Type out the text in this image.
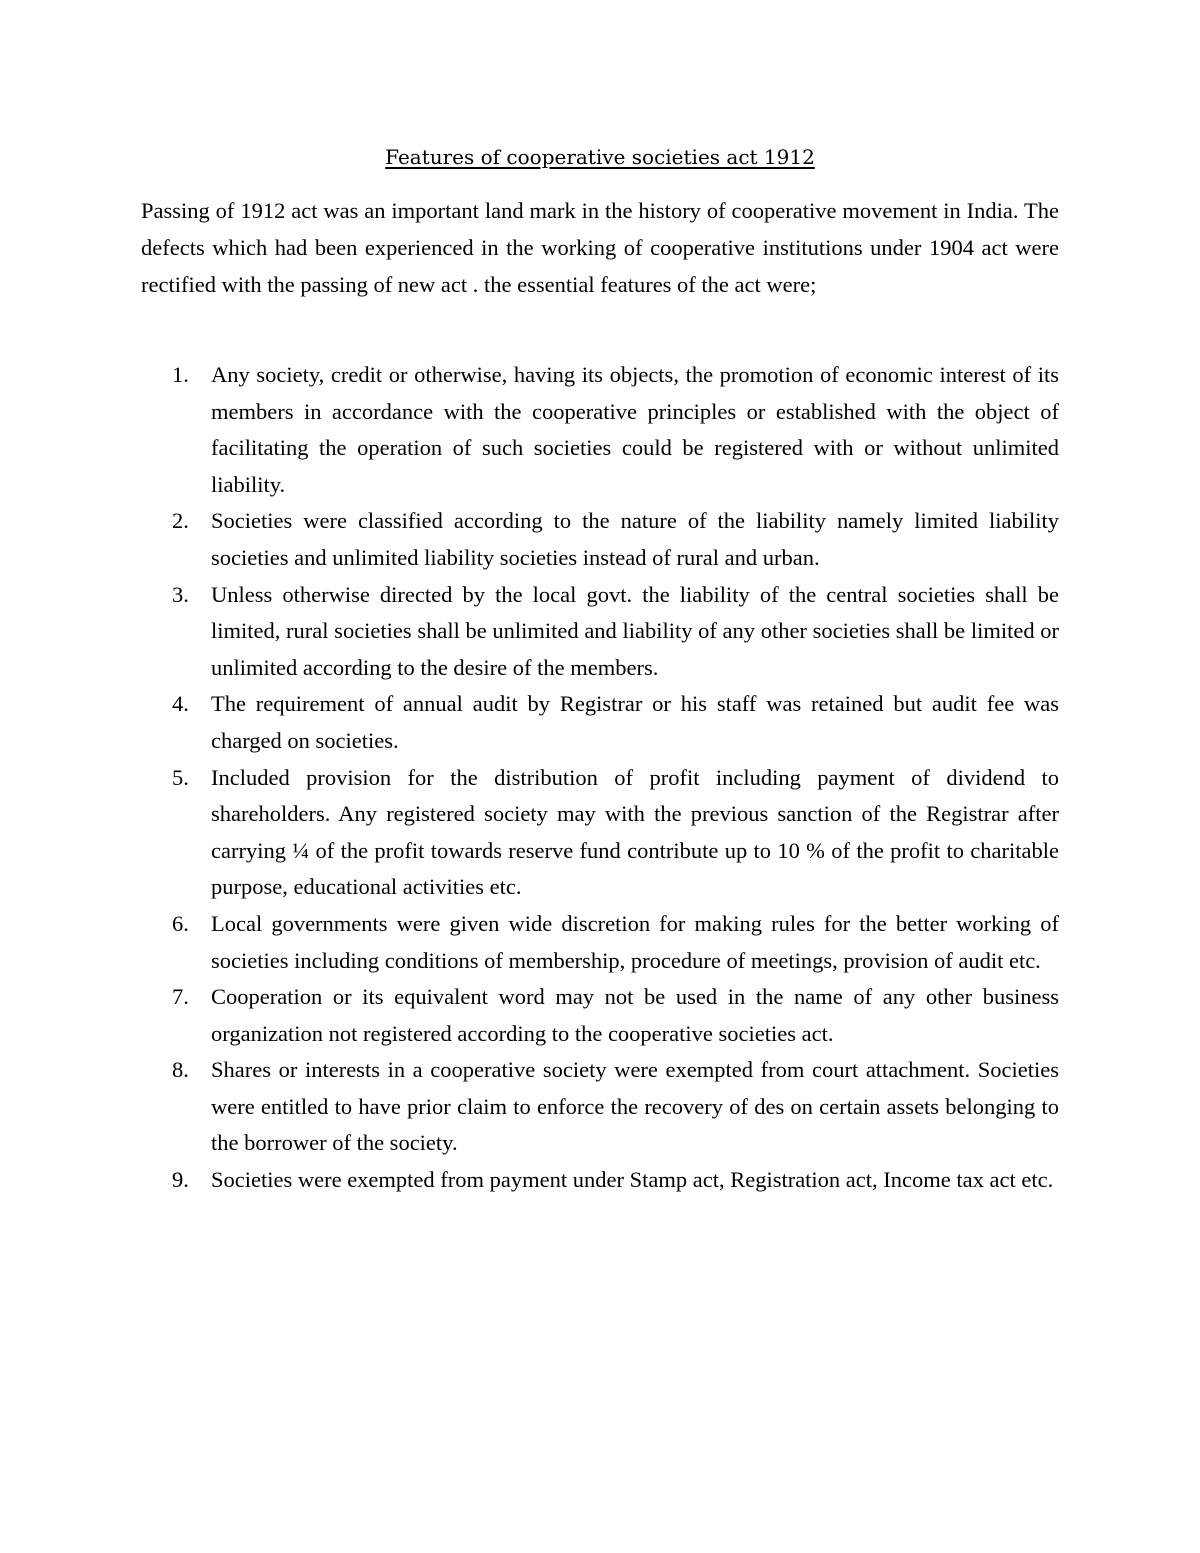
Features of cooperative societies act 1912

Passing of 1912 act was an important land mark in the history of cooperative movement in India. The defects which had been experienced in the working of cooperative institutions under 1904 act were rectified with the passing of new act . the essential features of the act were;

1. Any society, credit or otherwise, having its objects, the promotion of economic interest of its members in accordance with the cooperative principles or established with the object of facilitating the operation of such societies could be registered with or without unlimited liability.
2. Societies were classified according to the nature of the liability namely limited liability societies and unlimited liability societies instead of rural and urban.
3. Unless otherwise directed by the local govt. the liability of the central societies shall be limited, rural societies shall be unlimited and liability of any other societies shall be limited or unlimited according to the desire of the members.
4. The requirement of annual audit by Registrar or his staff was retained but audit fee was charged on societies.
5. Included provision for the distribution of profit including payment of dividend to shareholders. Any registered society may with the previous sanction of the Registrar after carrying ¼ of the profit towards reserve fund contribute up to 10 % of the profit to charitable purpose, educational activities etc.
6. Local governments were given wide discretion for making rules for the better working of societies including conditions of membership, procedure of meetings, provision of audit etc.
7. Cooperation or its equivalent word may not be used in the name of any other business organization not registered according to the cooperative societies act.
8. Shares or interests in a cooperative society were exempted from court attachment. Societies were entitled to have prior claim to enforce the recovery of des on certain assets belonging to the borrower of the society.
9. Societies were exempted from payment under Stamp act, Registration act, Income tax act etc.
